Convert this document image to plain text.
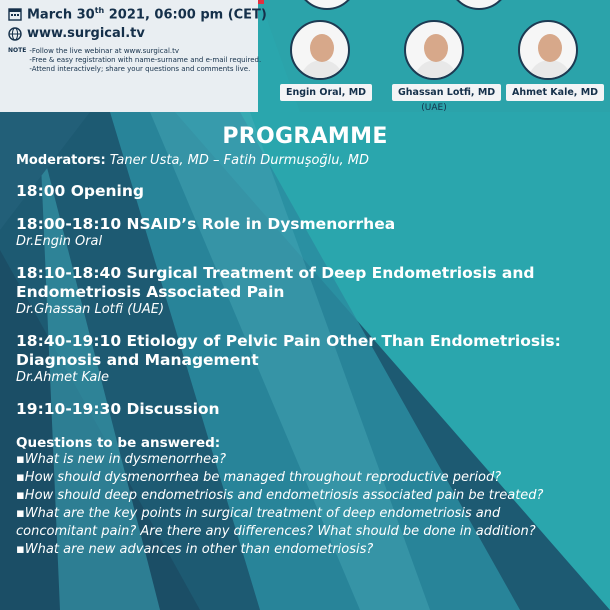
March 30th 2021, 06:00 pm (CET)
www.surgical.tv
NOTE -Follow the live webinar at www.surgical.tv
-Free & easy registration with name-surname and e-mail required.
-Attend interactively; share your questions and comments live.
Engin Oral, MD	Ghassan Lotfi, MD
(UAE)
Ahmet Kale, MD
PROGRAMME
Moderators: Taner Usta, MD – Fatih Durmuşoğlu, MD
18:00 Opening
18:00-18:10 NSAID’s Role in Dysmenorrhea
Dr.Engin Oral
18:10-18:40 Surgical Treatment of Deep Endometriosis and Endometriosis Associated Pain
Dr.Ghassan Lotfi (UAE)
18:40-19:10 Etiology of Pelvic Pain Other Than Endometriosis: Diagnosis and Management
Dr.Ahmet Kale
19:10-19:30 Discussion
Questions to be answered:
▪What is new in dysmenorrhea?
▪How should dysmenorrhea be managed throughout reproductive period?
▪How should deep endometriosis and endometriosis associated pain be treated?
▪What are the key points in surgical treatment of deep endometriosis and
concomitant pain? Are there any differences? What should be done in addition?
▪What are new advances in other than endometriosis?
